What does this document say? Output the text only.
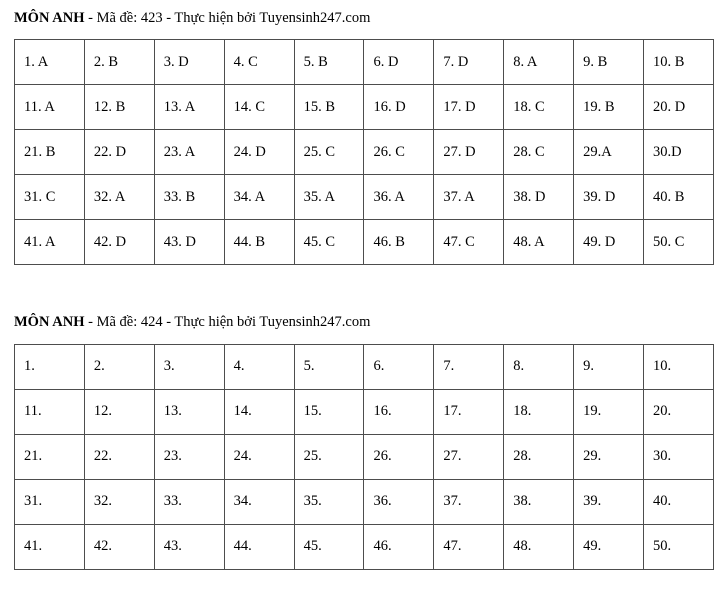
MÔN ANH - Mã đề: 423 - Thực hiện bởi Tuyensinh247.com

1. A	2. B	3. D	4. C	5. B	6. D	7. D	8. A	9. B	10. B
11. A	12. B	13. A	14. C	15. B	16. D	17. D	18. C	19. B	20. D
21. B	22. D	23. A	24. D	25. C	26. C	27. D	28. C	29.A	30.D
31. C	32. A	33. B	34. A	35. A	36. A	37. A	38. D	39. D	40. B
41. A	42. D	43. D	44. B	45. C	46. B	47. C	48. A	49. D	50. C

MÔN ANH - Mã đề: 424 - Thực hiện bởi Tuyensinh247.com

1.	2.	3.	4.	5.	6.	7.	8.	9.	10.
11.	12.	13.	14.	15.	16.	17.	18.	19.	20.
21.	22.	23.	24.	25.	26.	27.	28.	29.	30.
31.	32.	33.	34.	35.	36.	37.	38.	39.	40.
41.	42.	43.	44.	45.	46.	47.	48.	49.	50.
